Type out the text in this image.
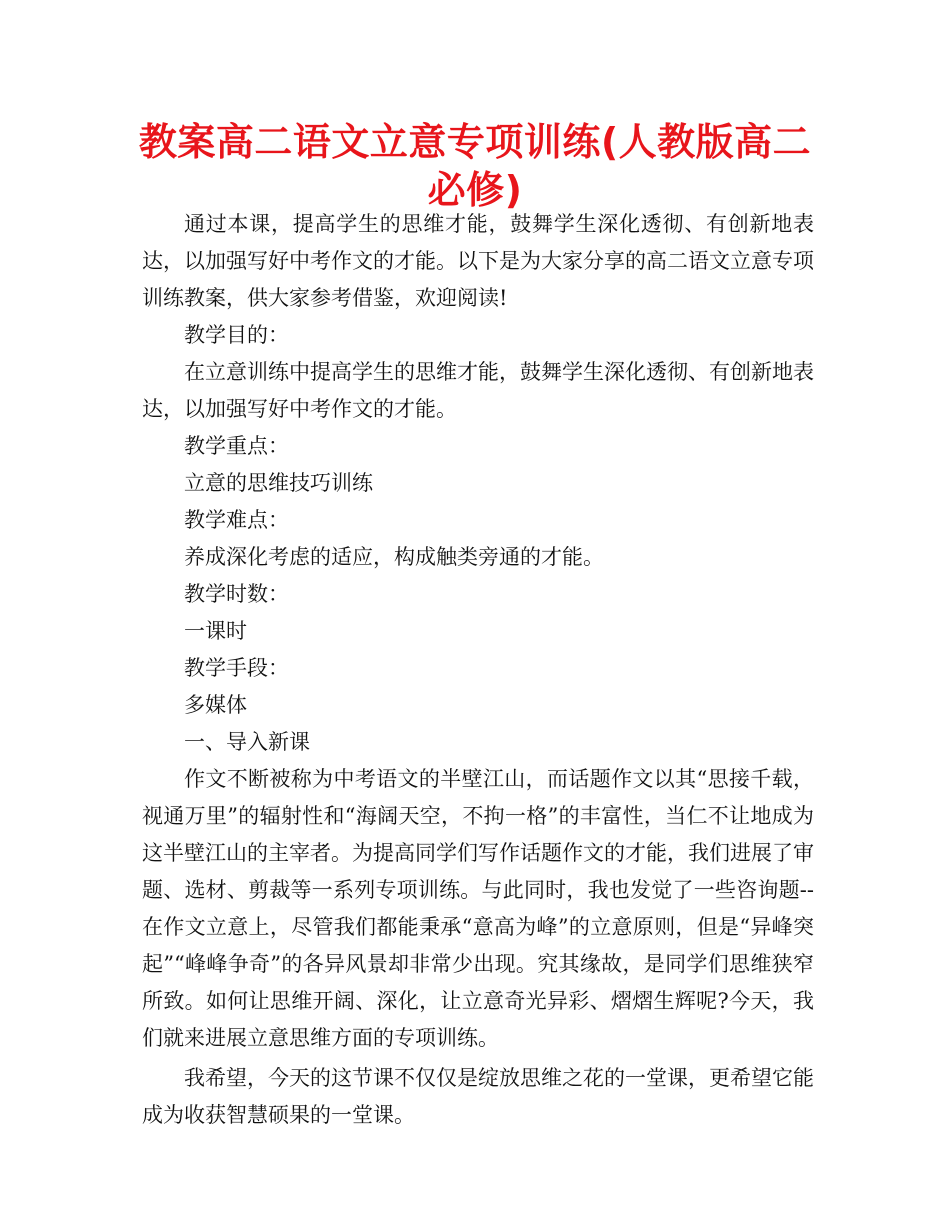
教案高二语文立意专项训练(人教版高二必修)

通过本课，提高学生的思维才能，鼓舞学生深化透彻、有创新地表达，以加强写好中考作文的才能。以下是为大家分享的高二语文立意专项训练教案，供大家参考借鉴，欢迎阅读!

教学目的：

在立意训练中提高学生的思维才能，鼓舞学生深化透彻、有创新地表达，以加强写好中考作文的才能。

教学重点：

立意的思维技巧训练

教学难点：

养成深化考虑的适应，构成触类旁通的才能。

教学时数：

一课时

教学手段：

多媒体

一、导入新课

作文不断被称为中考语文的半壁江山，而话题作文以其“思接千载，视通万里”的辐射性和“海阔天空，不拘一格”的丰富性，当仁不让地成为这半壁江山的主宰者。为提高同学们写作话题作文的才能，我们进展了审题、选材、剪裁等一系列专项训练。与此同时，我也发觉了一些咨询题--在作文立意上，尽管我们都能秉承“意高为峰”的立意原则，但是“异峰突起”“峰峰争奇”的各异风景却非常少出现。究其缘故，是同学们思维狭窄所致。如何让思维开阔、深化，让立意奇光异彩、熠熠生辉呢?今天，我们就来进展立意思维方面的专项训练。

我希望，今天的这节课不仅仅是绽放思维之花的一堂课，更希望它能成为收获智慧硕果的一堂课。
